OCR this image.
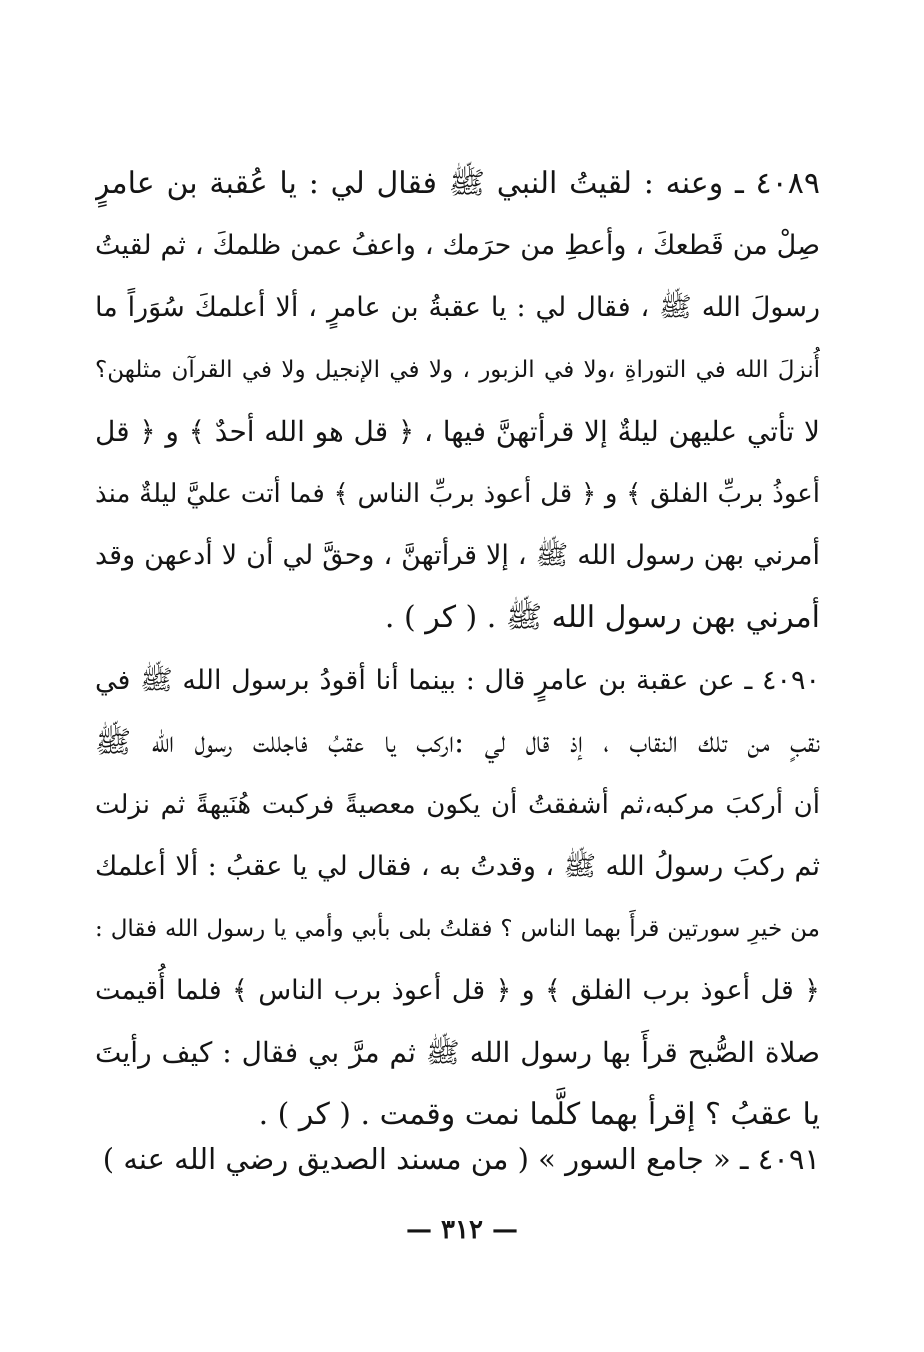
٤٠٨٩ ـ وعنه : لقيتُ النبي ﷺ فقال لي : يا عُقبة بن عامرٍ
صِلْ من قَطعكَ ، وأعطِ من حرَمك ، واعفُ عمن ظلمكَ ، ثم لقيتُ
رسولَ الله ﷺ ، فقال لي : يا عقبةُ بن عامرٍ ، ألا أعلمكَ سُوَراً ما
أُنزلَ الله في التوراةِ ،ولا في الزبور ، ولا في الإنجيل ولا في القرآن مثلهن؟
لا تأتي عليهن ليلةٌ إلا قرأتهنَّ فيها ، ﴿ قل هو الله أحدٌ ﴾ و ﴿ قل
أعوذُ بربِّ الفلق ﴾ و ﴿ قل أعوذ بربِّ الناس ﴾ فما أتت عليَّ ليلةٌ منذ
أمرني بهن رسول الله ﷺ ، إلا قرأتهنَّ ، وحقَّ لي أن لا أدعهن وقد
أمرني بهن رسول الله ﷺ . ( كر ) .
٤٠٩٠ ـ عن عقبة بن عامرٍ قال : بينما أنا أقودُ برسول الله ﷺ في
نقبٍ من تلك النقاب ، إذ قال لي :اركب يا عقبُ فاجللت رسول الله ﷺ
أن أركبَ مركبه،ثم أشفقتُ أن يكون معصيةً فركبت هُنَيهةً ثم نزلت
ثم ركبَ رسولُ الله ﷺ ، وقدتُ به ، فقال لي يا عقبُ : ألا أعلمك
من خيرِ سورتين قرأَ بهما الناس ؟ فقلتُ بلى بأبي وأمي يا رسول الله فقال :
﴿ قل أعوذ برب الفلق ﴾ و ﴿ قل أعوذ برب الناس ﴾ فلما أُقيمت
صلاة الصُّبح قرأَ بها رسول الله ﷺ ثم مرَّ بي فقال : كيف رأيتَ
يا عقبُ ؟ إقرأ بهما كلَّما نمت وقمت . ( كر ) .
٤٠٩١ ـ « جامع السور » ( من مسند الصديق رضي الله عنه )
— ٣١٢ —
